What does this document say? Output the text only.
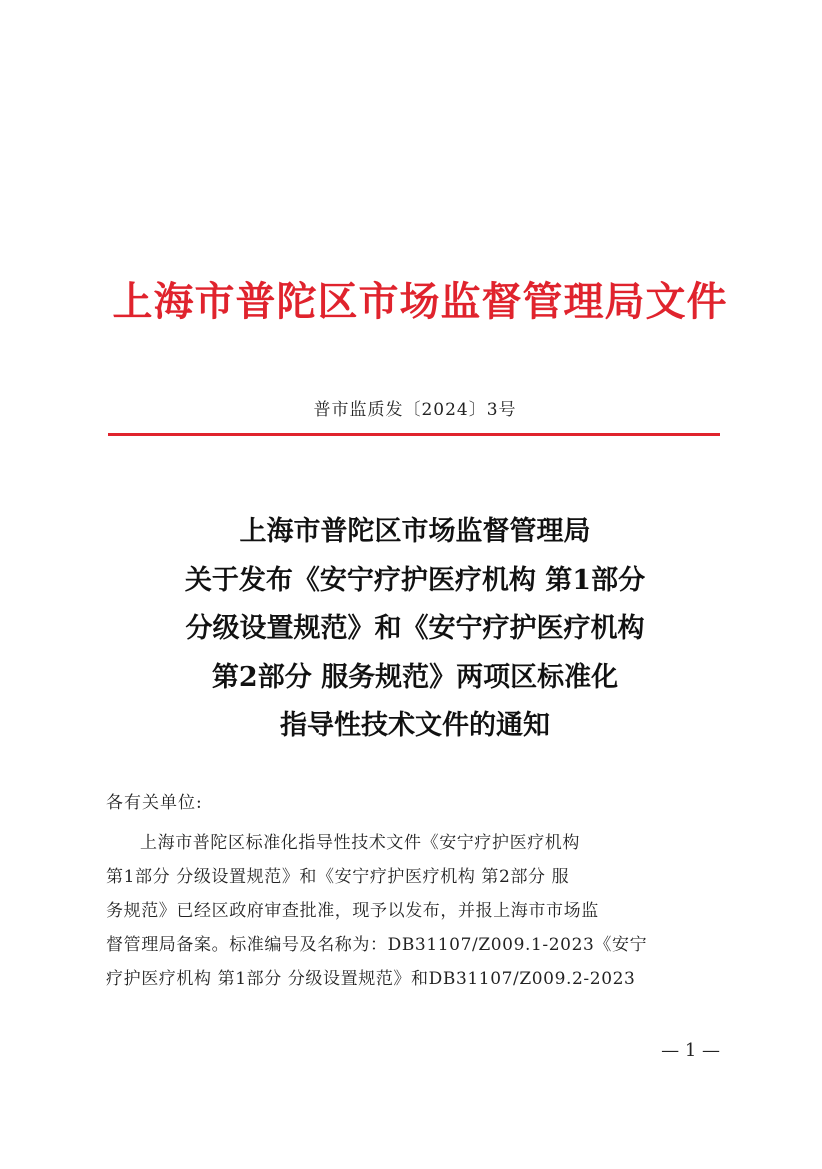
上海市普陀区市场监督管理局文件
普市监质发〔2024〕3号
上海市普陀区市场监督管理局
关于发布《安宁疗护医疗机构 第1部分
分级设置规范》和《安宁疗护医疗机构
第2部分 服务规范》两项区标准化
指导性技术文件的通知
各有关单位:
上海市普陀区标准化指导性技术文件《安宁疗护医疗机构
第1部分 分级设置规范》和《安宁疗护医疗机构 第2部分 服
务规范》已经区政府审查批准，现予以发布，并报上海市市场监
督管理局备案。标准编号及名称为：DB31107/Z009.1-2023《安宁
疗护医疗机构 第1部分 分级设置规范》和DB31107/Z009.2-2023
— 1 —
